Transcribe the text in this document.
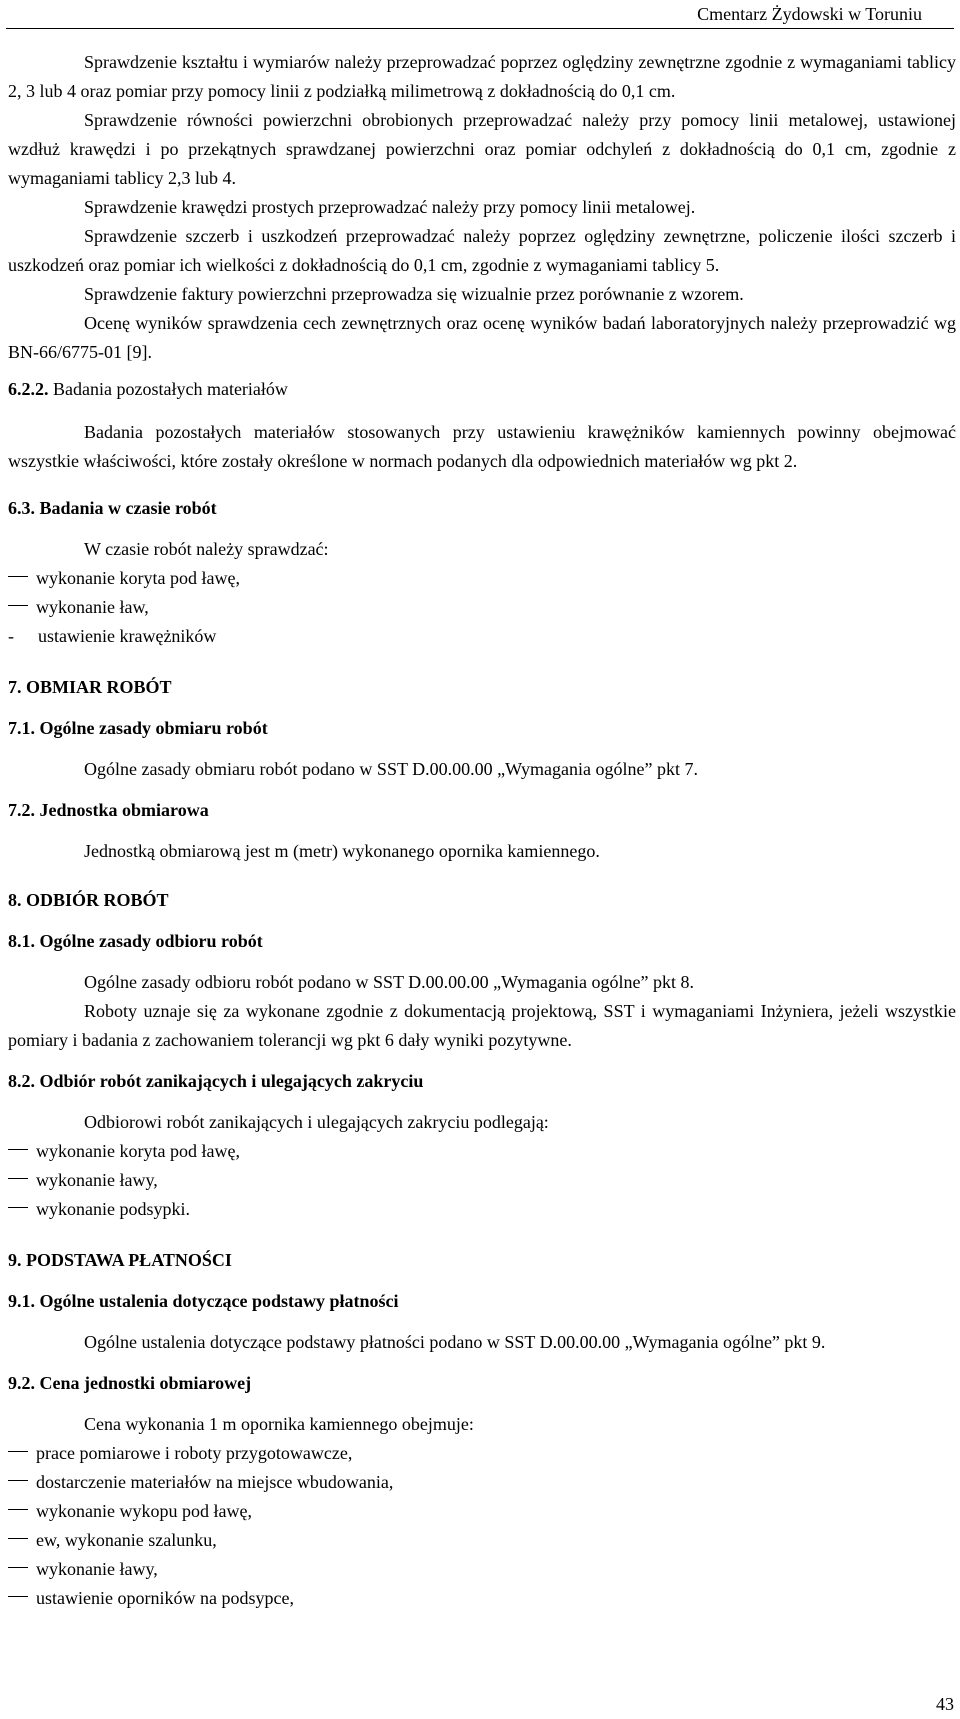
Cmentarz Żydowski w Toruniu

Sprawdzenie kształtu i wymiarów należy przeprowadzać poprzez oględziny zewnętrzne zgodnie z wymaganiami tablicy 2, 3 lub 4 oraz pomiar przy pomocy linii z podziałką milimetrową z dokładnością do 0,1 cm.

Sprawdzenie równości powierzchni obrobionych przeprowadzać należy przy pomocy linii metalowej, ustawionej wzdłuż krawędzi i po przekątnych sprawdzanej powierzchni oraz pomiar odchyleń z dokładnością do 0,1 cm, zgodnie z wymaganiami tablicy 2,3 lub 4.

Sprawdzenie krawędzi prostych przeprowadzać należy przy pomocy linii metalowej.

Sprawdzenie szczerb i uszkodzeń przeprowadzać należy poprzez oględziny zewnętrzne, policzenie ilości szczerb i uszkodzeń oraz pomiar ich wielkości z dokładnością do 0,1 cm, zgodnie z wymaganiami tablicy 5.

Sprawdzenie faktury powierzchni przeprowadza się wizualnie przez porównanie z wzorem.

Ocenę wyników sprawdzenia cech zewnętrznych oraz ocenę wyników badań laboratoryjnych należy przeprowadzić wg BN-66/6775-01 [9].

6.2.2. Badania pozostałych materiałów

Badania pozostałych materiałów stosowanych przy ustawieniu krawężników kamiennych powinny obejmować wszystkie właściwości, które zostały określone w normach podanych dla odpowiednich materiałów wg pkt 2.

6.3. Badania w czasie robót

W czasie robót należy sprawdzać:

wykonanie koryta pod ławę,
wykonanie ław,
-	ustawienie krawężników

7. OBMIAR ROBÓT

7.1. Ogólne zasady obmiaru robót

Ogólne zasady obmiaru robót podano w SST D.00.00.00 „Wymagania ogólne” pkt 7.

7.2. Jednostka obmiarowa

Jednostką obmiarową jest m (metr) wykonanego opornika kamiennego.

8. ODBIÓR ROBÓT

8.1. Ogólne zasady odbioru robót

Ogólne zasady odbioru robót podano w SST D.00.00.00 „Wymagania ogólne” pkt 8.

Roboty uznaje się za wykonane zgodnie z dokumentacją projektową, SST i wymaganiami Inżyniera, jeżeli wszystkie pomiary i badania z zachowaniem tolerancji wg pkt 6 dały wyniki pozytywne.

8.2. Odbiór robót zanikających i ulegających zakryciu

Odbiorowi robót zanikających i ulegających zakryciu podlegają:

wykonanie koryta pod ławę,
wykonanie ławy,
wykonanie podsypki.

9. PODSTAWA PŁATNOŚCI

9.1. Ogólne ustalenia dotyczące podstawy płatności

Ogólne ustalenia dotyczące podstawy płatności podano w SST D.00.00.00 „Wymagania ogólne” pkt 9.

9.2. Cena jednostki obmiarowej

Cena wykonania 1 m opornika kamiennego obejmuje:

prace pomiarowe i roboty przygotowawcze,
dostarczenie materiałów na miejsce wbudowania,
wykonanie wykopu pod ławę,
ew, wykonanie szalunku,
wykonanie ławy,
ustawienie oporników na podsypce,
43
